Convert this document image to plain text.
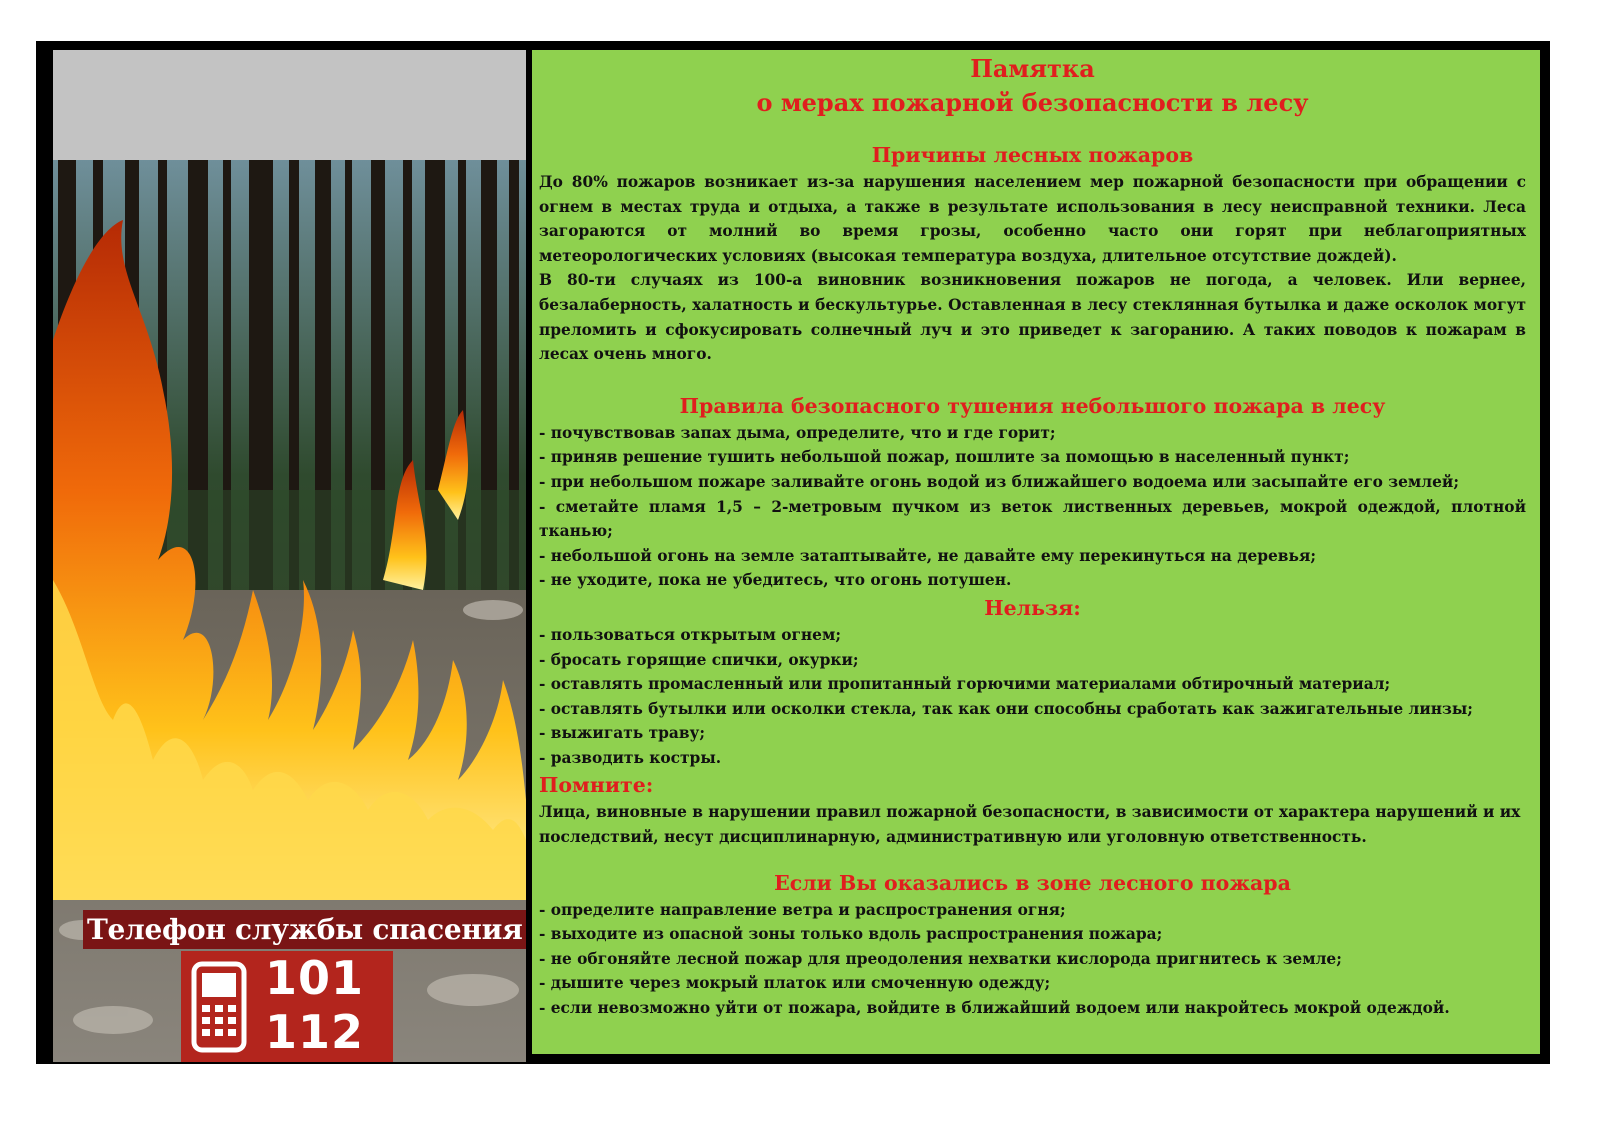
Телефон службы спасения
101
112
Памятка
о мерах пожарной безопасности в лесу
Причины лесных пожаров

До 80% пожаров возникает из-за нарушения населением мер пожарной безопасности при обращении с огнем в местах труда и отдыха, а также в результате использования в лесу неисправной техники. Леса загораются от молний во время грозы, особенно часто они горят при неблагоприятных метеорологических условиях (высокая температура воздуха, длительное отсутствие дождей).

В 80-ти случаях из 100-а виновник возникновения пожаров не погода, а человек. Или вернее, безалаберность, халатность и бескультурье. Оставленная в лесу стеклянная бутылка и даже осколок могут преломить и сфокусировать солнечный луч и это приведет к загоранию. А таких поводов к пожарам в лесах очень много.

Правила безопасного тушения небольшого пожара в лесу
- почувствовав запах дыма, определите, что и где горит;
- приняв решение тушить небольшой пожар, пошлите за помощью в населенный пункт;
- при небольшом пожаре заливайте огонь водой из ближайшего водоема или засыпайте его землей;
- сметайте пламя 1,5 – 2-метровым пучком из веток лиственных деревьев, мокрой одеждой, плотной тканью;
- небольшой огонь на земле затаптывайте, не давайте ему перекинуться на деревья;
- не уходите, пока не убедитесь, что огонь потушен.
Нельзя:
- пользоваться открытым огнем;
- бросать горящие спички, окурки;
- оставлять промасленный или пропитанный горючими материалами обтирочный материал;
- оставлять бутылки или осколки стекла, так как они способны сработать как зажигательные линзы;
- выжигать траву;
- разводить костры.
Помните:

Лица, виновные в нарушении правил пожарной безопасности, в зависимости от характера нарушений и их последствий, несут дисциплинарную, административную или уголовную ответственность.

Если Вы оказались в зоне лесного пожара
- определите направление ветра и распространения огня;
- выходите из опасной зоны только вдоль распространения пожара;
- не обгоняйте лесной пожар для преодоления нехватки кислорода пригнитесь к земле;
- дышите через мокрый платок или смоченную одежду;
- если невозможно уйти от пожара, войдите в ближайший водоем или накройтесь мокрой одеждой.
